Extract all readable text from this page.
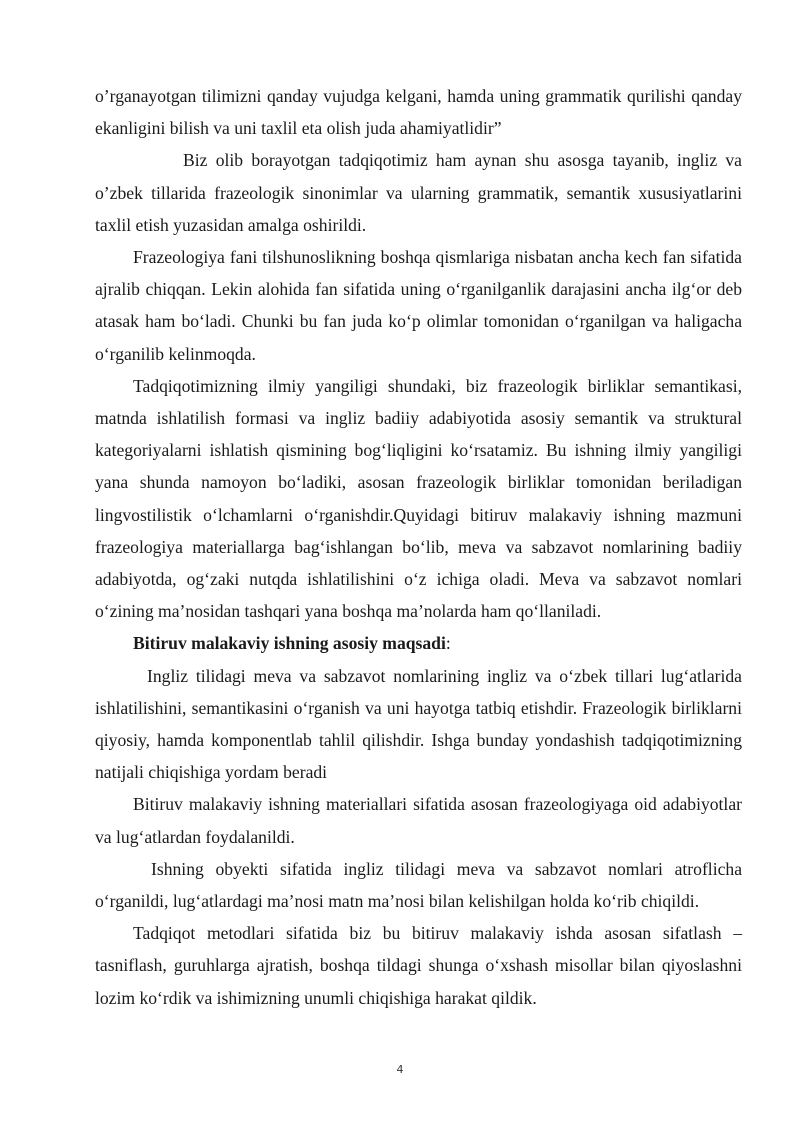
o’rganayotgan tilimizni qanday vujudga kelgani, hamda uning grammatik qurilishi qanday ekanligini bilish va uni taxlil eta olish juda ahamiyatlidir”

Biz olib borayotgan tadqiqotimiz ham aynan shu asosga tayanib, ingliz va o’zbek tillarida frazeologik sinonimlar va ularning grammatik, semantik xususiyatlarini taxlil etish yuzasidan amalga oshirildi.

Frazeologiya fani tilshunoslikning boshqa qismlariga nisbatan ancha kech fan sifatida ajralib chiqqan. Lekin alohida fan sifatida uning o‘rganilganlik darajasini ancha ilg‘or deb atasak ham bo‘ladi. Chunki bu fan juda ko‘p olimlar tomonidan o‘rganilgan va haligacha o‘rganilib kelinmoqda.

Tadqiqotimizning ilmiy yangiligi shundaki, biz frazeologik birliklar semantikasi, matnda ishlatilish formasi va ingliz badiiy adabiyotida asosiy semantik va struktural kategoriyalarni ishlatish qismining bog‘liqligini ko‘rsatamiz. Bu ishning ilmiy yangiligi yana shunda namoyon bo‘ladiki, asosan frazeologik birliklar tomonidan beriladigan lingvostilistik o‘lchamlarni o‘rganishdir.Quyidagi bitiruv malakaviy ishning mazmuni frazeologiya materiallarga bag‘ishlangan bo‘lib, meva va sabzavot nomlarining badiiy adabiyotda, og‘zaki nutqda ishlatilishini o‘z ichiga oladi. Meva va sabzavot nomlari o‘zining ma’nosidan tashqari yana boshqa ma’nolarda ham qo‘llaniladi.

Bitiruv malakaviy ishning asosiy maqsadi:

Ingliz tilidagi meva va sabzavot nomlarining ingliz va o‘zbek tillari lug‘atlarida ishlatilishini, semantikasini o‘rganish va uni hayotga tatbiq etishdir. Frazeologik birliklarni qiyosiy, hamda komponentlab tahlil qilishdir. Ishga bunday yondashish tadqiqotimizning natijali chiqishiga yordam beradi

Bitiruv malakaviy ishning materiallari sifatida asosan frazeologiyaga oid adabiyotlar va lug‘atlardan foydalanildi.

Ishning obyekti sifatida ingliz tilidagi meva va sabzavot nomlari atroflicha o‘rganildi, lug‘atlardagi ma’nosi matn ma’nosi bilan kelishilgan holda ko‘rib chiqildi.

Tadqiqot metodlari sifatida biz bu bitiruv malakaviy ishda asosan sifatlash – tasniflash, guruhlarga ajratish, boshqa tildagi shunga o‘xshash misollar bilan qiyoslashni lozim ko‘rdik va ishimizning unumli chiqishiga harakat qildik.

4
